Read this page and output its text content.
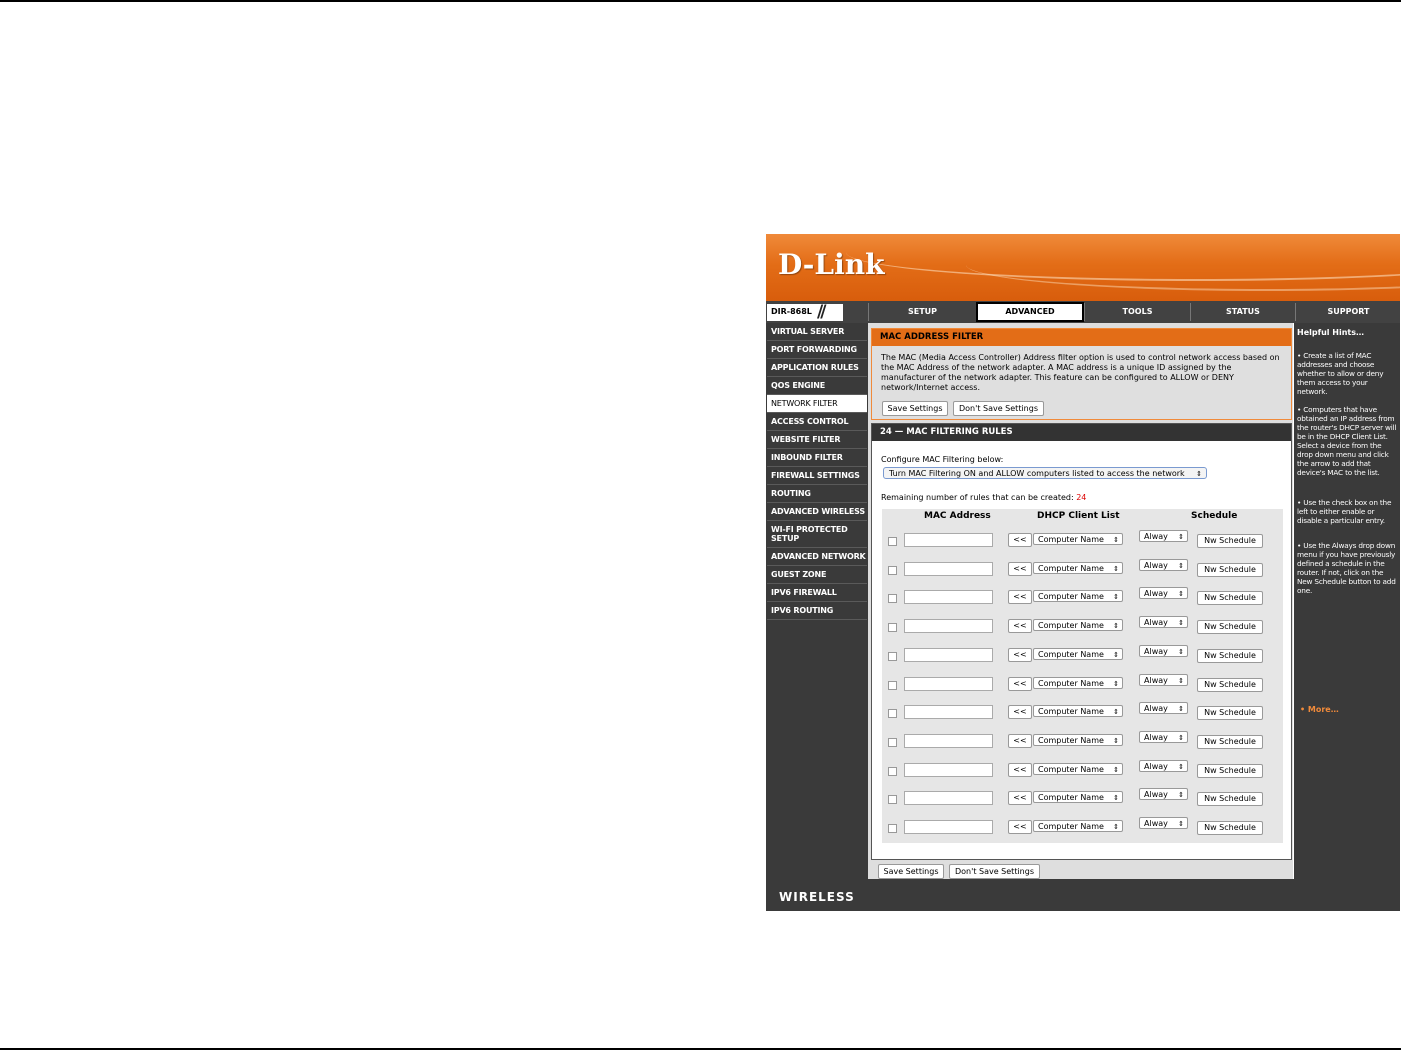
D-Link
DIR-868L //	SETUP	ADVANCED	TOOLS	STATUS	SUPPORT
VIRTUAL SERVER
PORT FORWARDING
APPLICATION RULES
QOS ENGINE
NETWORK FILTER
ACCESS CONTROL
WEBSITE FILTER
INBOUND FILTER
FIREWALL SETTINGS
ROUTING
ADVANCED WIRELESS
WI-FI PROTECTED SETUP
ADVANCED NETWORK
GUEST ZONE
IPV6 FIREWALL
IPV6 ROUTING
MAC ADDRESS FILTER
The MAC (Media Access Controller) Address filter option is used to control network access based on the MAC Address of the network adapter. A MAC address is a unique ID assigned by the manufacturer of the network adapter. This feature can be configured to ALLOW or DENY network/Internet access.
Save Settings	Don't Save Settings
24 — MAC FILTERING RULES
Configure MAC Filtering below:
Turn MAC Filtering ON and ALLOW computers listed to access the network ⇕
Remaining number of rules that can be created: 24
MAC Address	DHCP Client List	Schedule
<<	Computer Name ⇕	Alway ⇕	Nw Schedule
<<	Computer Name ⇕	Alway ⇕	Nw Schedule
<<	Computer Name ⇕	Alway ⇕	Nw Schedule
<<	Computer Name ⇕	Alway ⇕	Nw Schedule
<<	Computer Name ⇕	Alway ⇕	Nw Schedule
<<	Computer Name ⇕	Alway ⇕	Nw Schedule
<<	Computer Name ⇕	Alway ⇕	Nw Schedule
<<	Computer Name ⇕	Alway ⇕	Nw Schedule
<<	Computer Name ⇕	Alway ⇕	Nw Schedule
<<	Computer Name ⇕	Alway ⇕	Nw Schedule
<<	Computer Name ⇕	Alway ⇕	Nw Schedule
Save Settings	Don't Save Settings
Helpful Hints…
• Create a list of MAC addresses and choose whether to allow or deny them access to your network.
• Computers that have obtained an IP address from the router's DHCP server will be in the DHCP Client List. Select a device from the drop down menu and click the arrow to add that device's MAC to the list.
• Use the check box on the left to either enable or disable a particular entry.
• Use the Always drop down menu if you have previously defined a schedule in the router. If not, click on the New Schedule button to add one.
• More…
WIRELESS
